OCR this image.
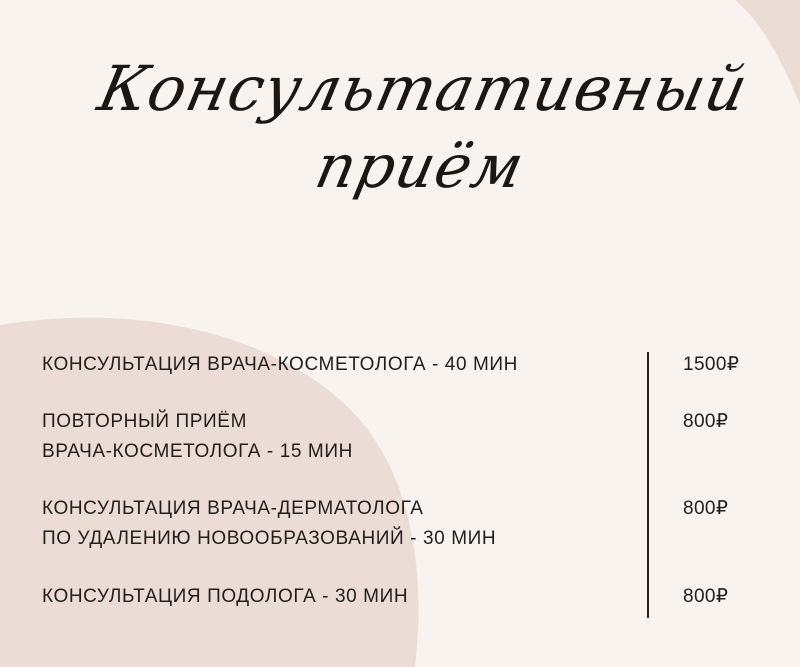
Консультативный
приём
КОНСУЛЬТАЦИЯ ВРАЧА-КОСМЕТОЛОГА - 40 МИН	1500₽
ПОВТОРНЫЙ ПРИЁМ
ВРАЧА-КОСМЕТОЛОГА - 15 МИН
800₽
КОНСУЛЬТАЦИЯ ВРАЧА-ДЕРМАТОЛОГА
ПО УДАЛЕНИЮ НОВООБРАЗОВАНИЙ - 30 МИН
800₽
КОНСУЛЬТАЦИЯ ПОДОЛОГА - 30 МИН	800₽
